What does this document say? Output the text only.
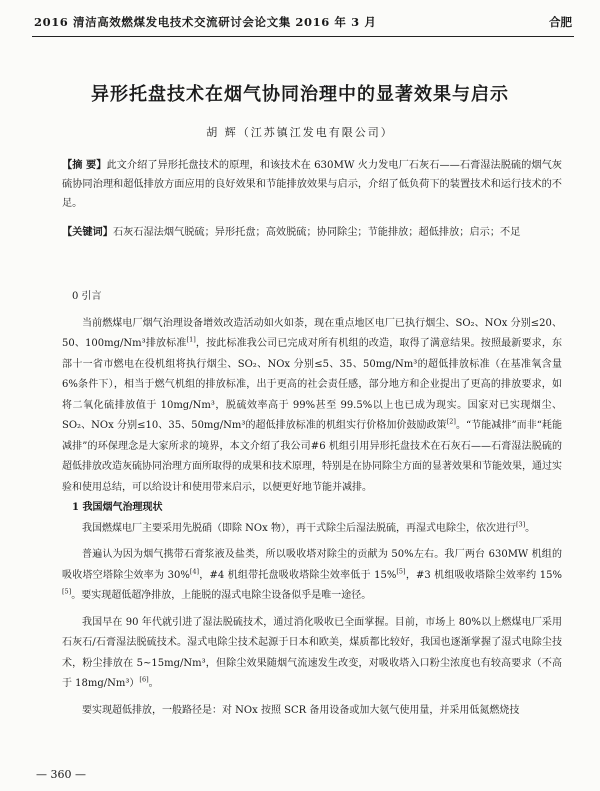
2016 清洁高效燃煤发电技术交流研讨会论文集 2016 年 3 月	合肥
异形托盘技术在烟气协同治理中的显著效果与启示
胡 辉（江苏镇江发电有限公司）
【摘 要】此文介绍了异形托盘技术的原理，和该技术在 630MW 火力发电厂石灰石——石膏湿法脱硫的烟气灰硫协同治理和超低排放方面应用的良好效果和节能排放效果与启示，介绍了低负荷下的装置技术和运行技术的不足。
【关键词】石灰石湿法烟气脱硫；异形托盘；高效脱硫；协同除尘；节能排放；超低排放；启示；不足
0 引言

当前燃煤电厂烟气治理设备增效改造活动如火如荼，现在重点地区电厂已执行烟尘、SO₂、NOx 分别≤20、50、100mg/Nm³排放标准[1]，按此标准我公司已完成对所有机组的改造，取得了满意结果。按照最新要求，东部十一省市燃电在役机组将执行烟尘、SO₂、NOx 分别≤5、35、50mg/Nm³的超低排放标准（在基准氧含量 6%条件下），相当于燃气机组的排放标准，出于更高的社会责任感，部分地方和企业提出了更高的排放要求，如将二氧化硫排放值于 10mg/Nm³，脱硫效率高于 99%甚至 99.5%以上也已成为现实。国家对已实现烟尘、SO₂、NOx 分别≤10、35、50mg/Nm³的超低排放标准的机组实行价格加价鼓励政策[2]。“节能减排”而非“耗能减排”的环保理念是大家所求的境界，本文介绍了我公司#6 机组引用异形托盘技术在石灰石——石膏湿法脱硫的超低排放改造灰硫协同治理方面所取得的成果和技术原理，特别是在协同除尘方面的显著效果和节能效果，通过实验和使用总结，可以给设计和使用带来启示，以便更好地节能并减排。

1 我国烟气治理现状

我国燃煤电厂主要采用先脱硝（即除 NOx 物），再干式除尘后湿法脱硫，再湿式电除尘，依次进行[3]。

普遍认为因为烟气携带石膏浆液及盐类，所以吸收塔对除尘的贡献为 50%左右。我厂两台 630MW 机组的吸收塔空塔除尘效率为 30%[4]，#4 机组带托盘吸收塔除尘效率低于 15%[5]，#3 机组吸收塔除尘效率约 15%[5]。要实现超低超净排放，上能脱的湿式电除尘设备似乎是唯一途径。

我国早在 90 年代就引进了湿法脱硫技术，通过消化吸收已全面掌握。目前，市场上 80%以上燃煤电厂采用石灰石/石膏湿法脱硫技术。湿式电除尘技术起源于日本和欧美，煤质都比较好，我国也逐渐掌握了湿式电除尘技术，粉尘排放在 5~15mg/Nm³，但除尘效果随烟气流速发生改变，对吸收塔入口粉尘浓度也有较高要求（不高于 18mg/Nm³）[6]。

要实现超低排放，一般路径是：对 NOx 按照 SCR 备用设备或加大氨气使用量，并采用低氮燃烧技

— 360 —
